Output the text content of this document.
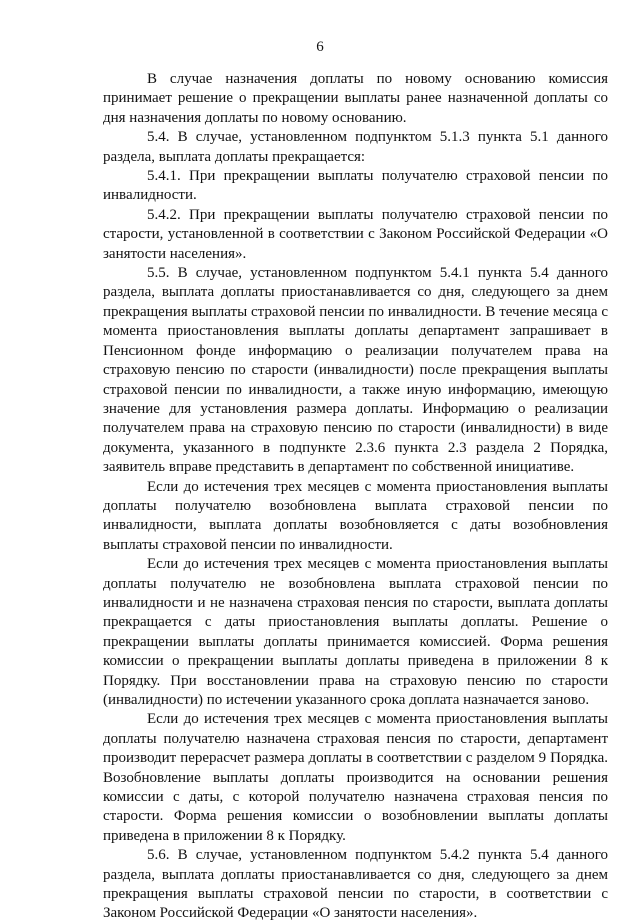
6

В случае назначения доплаты по новому основанию комиссия принимает решение о прекращении выплаты ранее назначенной доплаты со дня назначения доплаты по новому основанию.

5.4. В случае, установленном подпунктом 5.1.3 пункта 5.1 данного раздела, выплата доплаты прекращается:

5.4.1. При прекращении выплаты получателю страховой пенсии по инвалидности.

5.4.2. При прекращении выплаты получателю страховой пенсии по старости, установленной в соответствии с Законом Российской Федерации «О занятости населения».

5.5. В случае, установленном подпунктом 5.4.1 пункта 5.4 данного раздела, выплата доплаты приостанавливается со дня, следующего за днем прекращения выплаты страховой пенсии по инвалидности. В течение месяца с момента приостановления выплаты доплаты департамент запрашивает в Пенсионном фонде информацию о реализации получателем права на страховую пенсию по старости (инвалидности) после прекращения выплаты страховой пенсии по инвалидности, а также иную информацию, имеющую значение для установления размера доплаты. Информацию о реализации получателем права на страховую пенсию по старости (инвалидности) в виде документа, указанного в подпункте 2.3.6 пункта 2.3 раздела 2 Порядка, заявитель вправе представить в департамент по собственной инициативе.

Если до истечения трех месяцев с момента приостановления выплаты доплаты получателю возобновлена выплата страховой пенсии по инвалидности, выплата доплаты возобновляется с даты возобновления выплаты страховой пенсии по инвалидности.

Если до истечения трех месяцев с момента приостановления выплаты доплаты получателю не возобновлена выплата страховой пенсии по инвалидности и не назначена страховая пенсия по старости, выплата доплаты прекращается с даты приостановления выплаты доплаты. Решение о прекращении выплаты доплаты принимается комиссией. Форма решения комиссии о прекращении выплаты доплаты приведена в приложении 8 к Порядку. При восстановлении права на страховую пенсию по старости (инвалидности) по истечении указанного срока доплата назначается заново.

Если до истечения трех месяцев с момента приостановления выплаты доплаты получателю назначена страховая пенсия по старости, департамент производит перерасчет размера доплаты в соответствии с разделом 9 Порядка. Возобновление выплаты доплаты производится на основании решения комиссии с даты, с которой получателю назначена страховая пенсия по старости. Форма решения комиссии о возобновлении выплаты доплаты приведена в приложении 8 к Порядку.

5.6. В случае, установленном подпунктом 5.4.2 пункта 5.4 данного раздела, выплата доплаты приостанавливается со дня, следующего за днем прекращения выплаты страховой пенсии по старости, в соответствии с Законом Российской Федерации «О занятости населения».
